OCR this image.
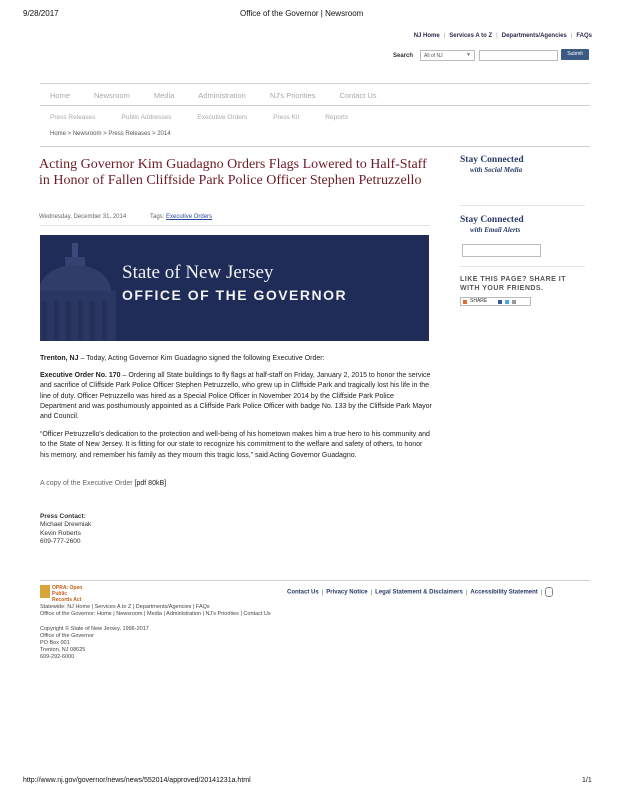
9/28/2017	Office of the Governor | Newsroom
NJ Home | Services A to Z | Departments/Agencies | FAQs
Search	All of NJ	▼	Submit
Home	Newsroom	Media	Administration	NJ's Priorities	Contact Us
Press Releases	Public Addresses	Executive Orders	Press Kit	Reports
Home > Newsroom > Press Releases > 2014
Acting Governor Kim Guadagno Orders Flags Lowered to Half-Staff in Honor of Fallen Cliffside Park Police Officer Stephen Petruzzello
Wednesday, December 31, 2014	Tags: Executive Orders
State of New Jersey
OFFICE OF THE GOVERNOR
Trenton, NJ – Today, Acting Governor Kim Guadagno signed the following Executive Order:
Executive Order No. 170 – Ordering all State buildings to fly flags at half-staff on Friday, January 2, 2015 to honor the service and sacrifice of Cliffside Park Police Officer Stephen Petruzzello, who grew up in Cliffside Park and tragically lost his life in the line of duty. Officer Petruzzello was hired as a Special Police Officer in November 2014 by the Cliffside Park Police Department and was posthumously appointed as a Cliffside Park Police Officer with badge No. 133 by the Cliffside Park Mayor and Council.
“Officer Petruzzello's dedication to the protection and well-being of his hometown makes him a true hero to his community and to the State of New Jersey. It is fitting for our state to recognize his commitment to the welfare and safety of others, to honor his memory, and remember his family as they mourn this tragic loss,” said Acting Governor Guadagno.
A copy of the Executive Order [pdf 80kB]
Press Contact:
Michael Drewniak
Kevin Roberts
609-777-2600
Stay Connected
with Social Media
Stay Connected
with Email Alerts
LIKE THIS PAGE? SHARE IT
WITH YOUR FRIENDS.
SHARE
OPRA: Open
Public Records Act
Contact Us | Privacy Notice | Legal Statement & Disclaimers | Accessibility Statement |
Statewide: NJ Home | Services A to Z | Departments/Agencies | FAQs
Office of the Governor: Home | Newsroom | Media | Administration | NJ's Priorities | Contact Us
Copyright © State of New Jersey, 1996-2017
Office of the Governor
PO Box 001
Trenton, NJ 08625
609-292-6000
http://www.nj.gov/governor/news/news/552014/approved/20141231a.html	1/1
